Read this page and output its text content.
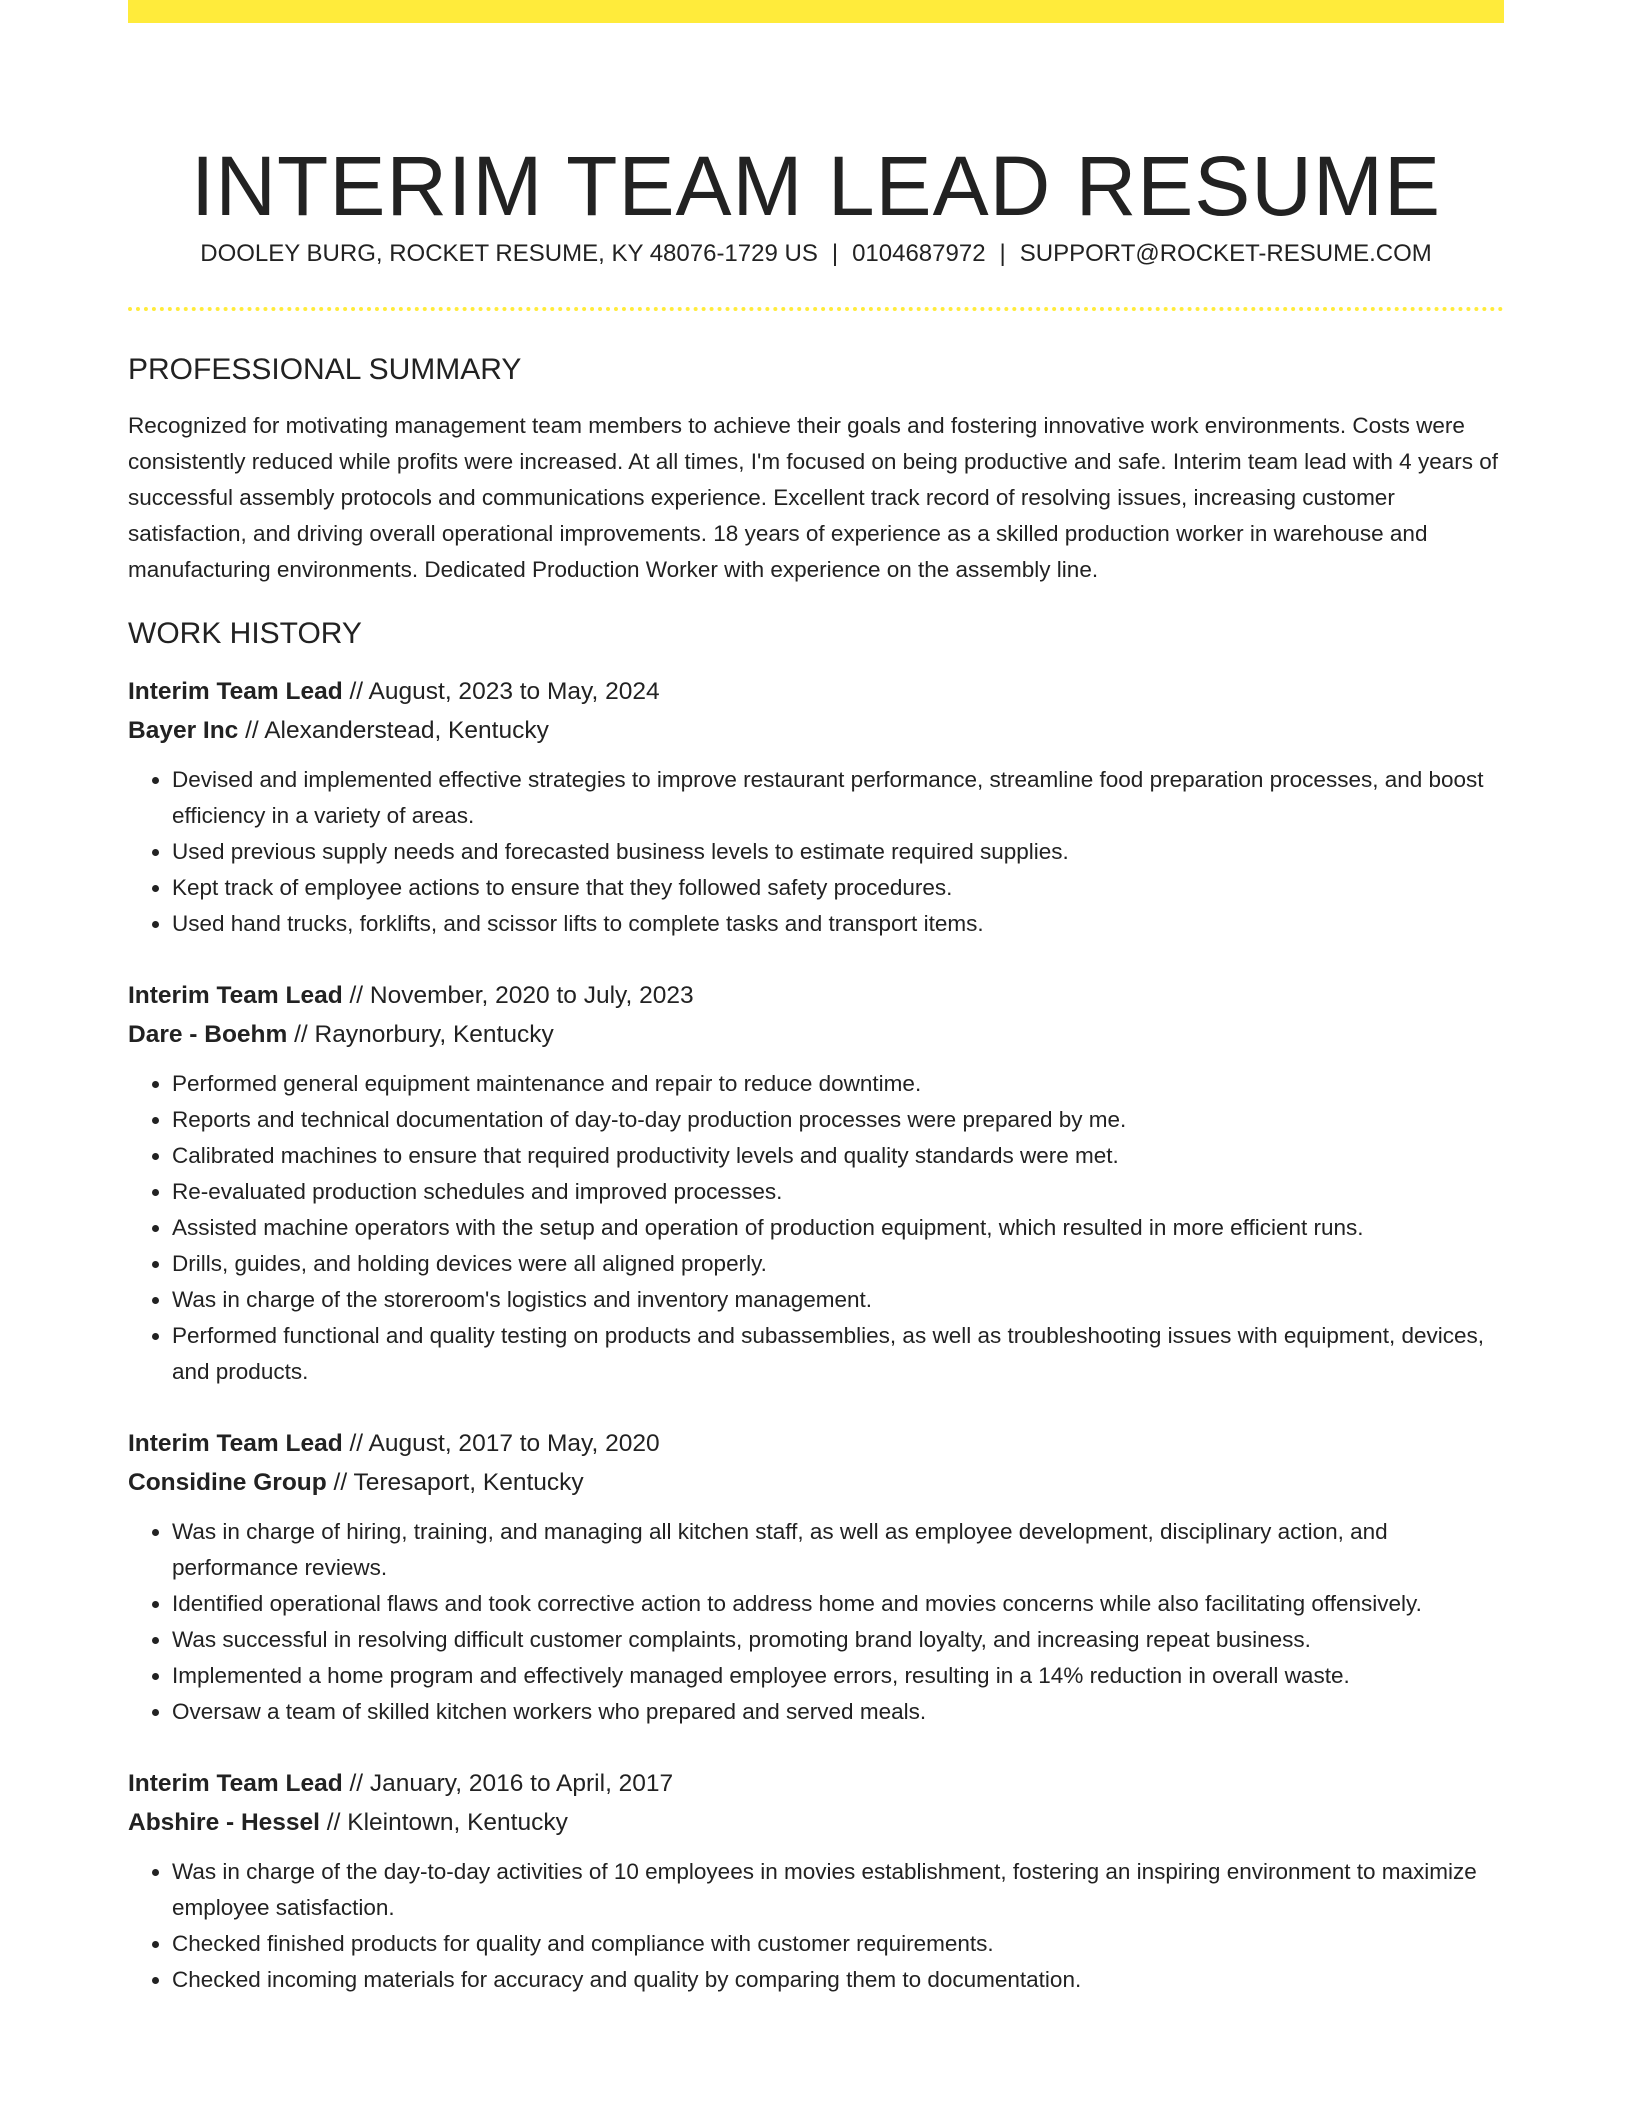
INTERIM TEAM LEAD RESUME
DOOLEY BURG, ROCKET RESUME, KY 48076-1729 US | 0104687972 | SUPPORT@ROCKET-RESUME.COM
PROFESSIONAL SUMMARY

Recognized for motivating management team members to achieve their goals and fostering innovative work environments. Costs were consistently reduced while profits were increased. At all times, I'm focused on being productive and safe. Interim team lead with 4 years of successful assembly protocols and communications experience. Excellent track record of resolving issues, increasing customer satisfaction, and driving overall operational improvements. 18 years of experience as a skilled production worker in warehouse and manufacturing environments. Dedicated Production Worker with experience on the assembly line.

WORK HISTORY
Interim Team Lead // August, 2023 to May, 2024
Bayer Inc // Alexanderstead, Kentucky
• Devised and implemented effective strategies to improve restaurant performance, streamline food preparation processes, and boost efficiency in a variety of areas.
• Used previous supply needs and forecasted business levels to estimate required supplies.
• Kept track of employee actions to ensure that they followed safety procedures.
• Used hand trucks, forklifts, and scissor lifts to complete tasks and transport items.
Interim Team Lead // November, 2020 to July, 2023
Dare - Boehm // Raynorbury, Kentucky
• Performed general equipment maintenance and repair to reduce downtime.
• Reports and technical documentation of day-to-day production processes were prepared by me.
• Calibrated machines to ensure that required productivity levels and quality standards were met.
• Re-evaluated production schedules and improved processes.
• Assisted machine operators with the setup and operation of production equipment, which resulted in more efficient runs.
• Drills, guides, and holding devices were all aligned properly.
• Was in charge of the storeroom's logistics and inventory management.
• Performed functional and quality testing on products and subassemblies, as well as troubleshooting issues with equipment, devices, and products.
Interim Team Lead // August, 2017 to May, 2020
Considine Group // Teresaport, Kentucky
• Was in charge of hiring, training, and managing all kitchen staff, as well as employee development, disciplinary action, and performance reviews.
• Identified operational flaws and took corrective action to address home and movies concerns while also facilitating offensively.
• Was successful in resolving difficult customer complaints, promoting brand loyalty, and increasing repeat business.
• Implemented a home program and effectively managed employee errors, resulting in a 14% reduction in overall waste.
• Oversaw a team of skilled kitchen workers who prepared and served meals.
Interim Team Lead // January, 2016 to April, 2017
Abshire - Hessel // Kleintown, Kentucky
• Was in charge of the day-to-day activities of 10 employees in movies establishment, fostering an inspiring environment to maximize employee satisfaction.
• Checked finished products for quality and compliance with customer requirements.
• Checked incoming materials for accuracy and quality by comparing them to documentation.
